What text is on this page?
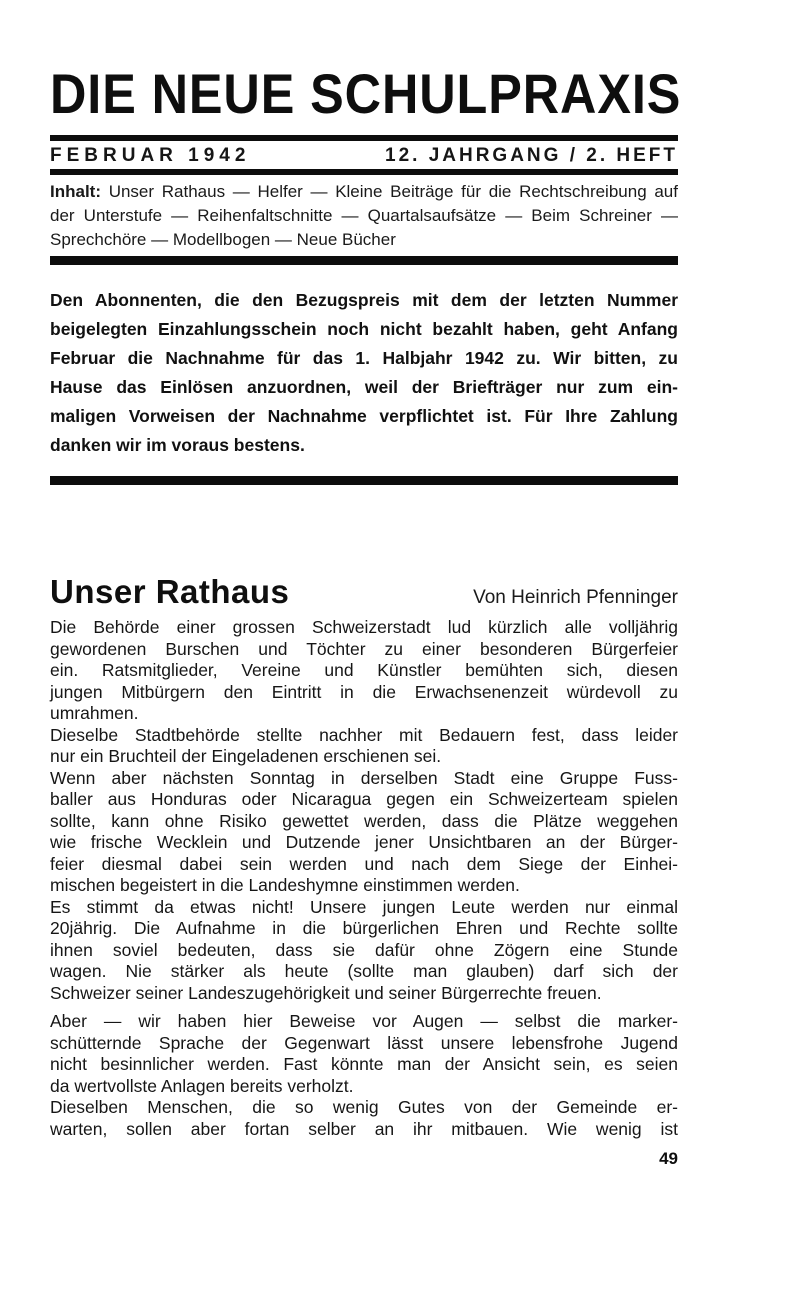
DIE NEUE SCHULPRAXIS
FEBRUAR 1942	12. JAHRGANG / 2. HEFT
Inhalt: Unser Rathaus — Helfer — Kleine Beiträge für die Rechtschreibung auf
der Unterstufe — Reihenfaltschnitte — Quartalsaufsätze — Beim Schreiner —
Sprechchöre — Modellbogen — Neue Bücher
Den Abonnenten, die den Bezugspreis mit dem der letzten Nummer
beigelegten Einzahlungsschein noch nicht bezahlt haben, geht Anfang
Februar die Nachnahme für das 1. Halbjahr 1942 zu. Wir bitten, zu
Hause das Einlösen anzuordnen, weil der Briefträger nur zum ein-
maligen Vorweisen der Nachnahme verpflichtet ist. Für Ihre Zahlung
danken wir im voraus bestens.
Unser Rathaus	Von Heinrich Pfenninger
Die Behörde einer grossen Schweizerstadt lud kürzlich alle volljährig
gewordenen Burschen und Töchter zu einer besonderen Bürgerfeier
ein. Ratsmitglieder, Vereine und Künstler bemühten sich, diesen
jungen Mitbürgern den Eintritt in die Erwachsenenzeit würdevoll zu
umrahmen.
Dieselbe Stadtbehörde stellte nachher mit Bedauern fest, dass leider
nur ein Bruchteil der Eingeladenen erschienen sei.
Wenn aber nächsten Sonntag in derselben Stadt eine Gruppe Fuss-
baller aus Honduras oder Nicaragua gegen ein Schweizerteam spielen
sollte, kann ohne Risiko gewettet werden, dass die Plätze weggehen
wie frische Wecklein und Dutzende jener Unsichtbaren an der Bürger-
feier diesmal dabei sein werden und nach dem Siege der Einhei-
mischen begeistert in die Landeshymne einstimmen werden.
Es stimmt da etwas nicht! Unsere jungen Leute werden nur einmal
20jährig. Die Aufnahme in die bürgerlichen Ehren und Rechte sollte
ihnen soviel bedeuten, dass sie dafür ohne Zögern eine Stunde
wagen. Nie stärker als heute (sollte man glauben) darf sich der
Schweizer seiner Landeszugehörigkeit und seiner Bürgerrechte freuen.
Aber — wir haben hier Beweise vor Augen — selbst die marker-
schütternde Sprache der Gegenwart lässt unsere lebensfrohe Jugend
nicht besinnlicher werden. Fast könnte man der Ansicht sein, es seien
da wertvollste Anlagen bereits verholzt.
Dieselben Menschen, die so wenig Gutes von der Gemeinde er-
warten, sollen aber fortan selber an ihr mitbauen. Wie wenig ist
49
